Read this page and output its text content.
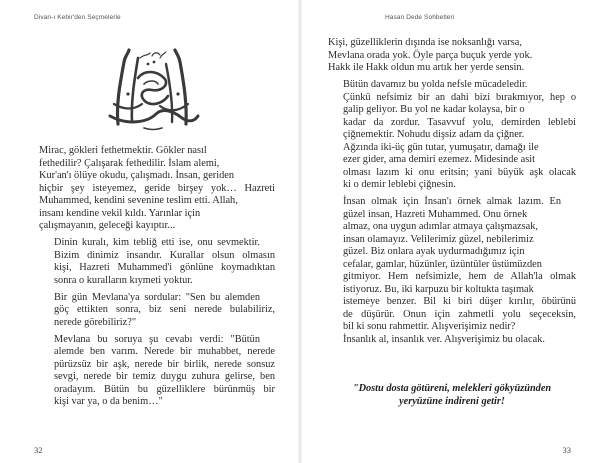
Divan-ı Kebir'den Seçmelerle

Mirac, gökleri fethetmektir. Gökler nasıl
fethedilir? Çalışarak fethedilir. İslam alemi,
Kur'an'ı ölüye okudu, çalışmadı. İnsan, geriden
hiçbir şey isteyemez, geride birşey yok… Hazreti
Muhammed, kendini sevenine teslim etti. Allah,
insanı kendine vekil kıldı. Yarınlar için
çalışmayanın, geleceği kayıptır...

Dinin kuralı, kim tebliğ etti ise, onu sevmektir.
Bizim dinimiz insandır. Kurallar olsun olmasın
kişi, Hazreti Muhammed'i gönlüne koymadıktan
sonra o kuralların kıymeti yoktur.

Bir gün Mevlana'ya sordular: "Sen bu alemden
göç ettikten sonra, biz seni nerede bulabiliriz,
nerede görebiliriz?"

Mevlana bu soruya şu cevabı verdi: "Bütün
alemde ben varım. Nerede bir muhabbet, nerede
pürüzsüz bir aşk, nerede bir birlik, nerede sonsuz
sevgi, nerede bir temiz duygu zuhura gelirse, ben
oradayım. Bütün bu güzelliklere bürünmüş bir
kişi var ya, o da benim…"

32
Hasan Dede Sohbetleri

Kişi, güzelliklerin dışında ise noksanlığı varsa,
Mevlana orada yok. Öyle parça buçuk yerde yok.
Hakk ile Hakk oldun mu artık her yerde sensin.

Bütün davamız bu yolda nefsle mücadeledir.
Çünkü nefsimiz bir an dahi bizi bırakmıyor, hep o
galip geliyor. Bu yol ne kadar kolaysa, bir o
kadar da zordur. Tasavvuf yolu, demirden leblebi
çiğnemektir. Nohudu dişsiz adam da çiğner.
Ağzında iki-üç gün tutar, yumuşatır, damağı ile
ezer gider, ama demiri ezemez. Midesinde asit
olması lazım ki onu eritsin; yani büyük aşk olacak
ki o demir leblebi çiğnesin.

İnsan olmak için İnsan'ı örnek almak lazım. En
güzel insan, Hazreti Muhammed. Onu örnek
almaz, ona uygun adımlar atmaya çalışmazsak,
insan olamayız. Velilerimiz güzel, nebilerimiz
güzel. Biz onlara ayak uydurmadığımız için
cefalar, gamlar, hüzünler, üzüntüler üstümüzden
gitmiyor. Hem nefsimizle, hem de Allah'la olmak
istiyoruz. Bu, iki karpuzu bir koltukta taşımak
istemeye benzer. Bil ki biri düşer kırılır, öbürünü
de düşürür. Onun için zahmetli yolu seçeceksin,
bil ki sonu rahmettir. Alışverişimiz nedir?
İnsanlık al, insanlık ver. Alışverişimiz bu olacak.

"Dostu dosta götüreni, melekleri gökyüzünden
yeryüzüne indireni getir!
33
